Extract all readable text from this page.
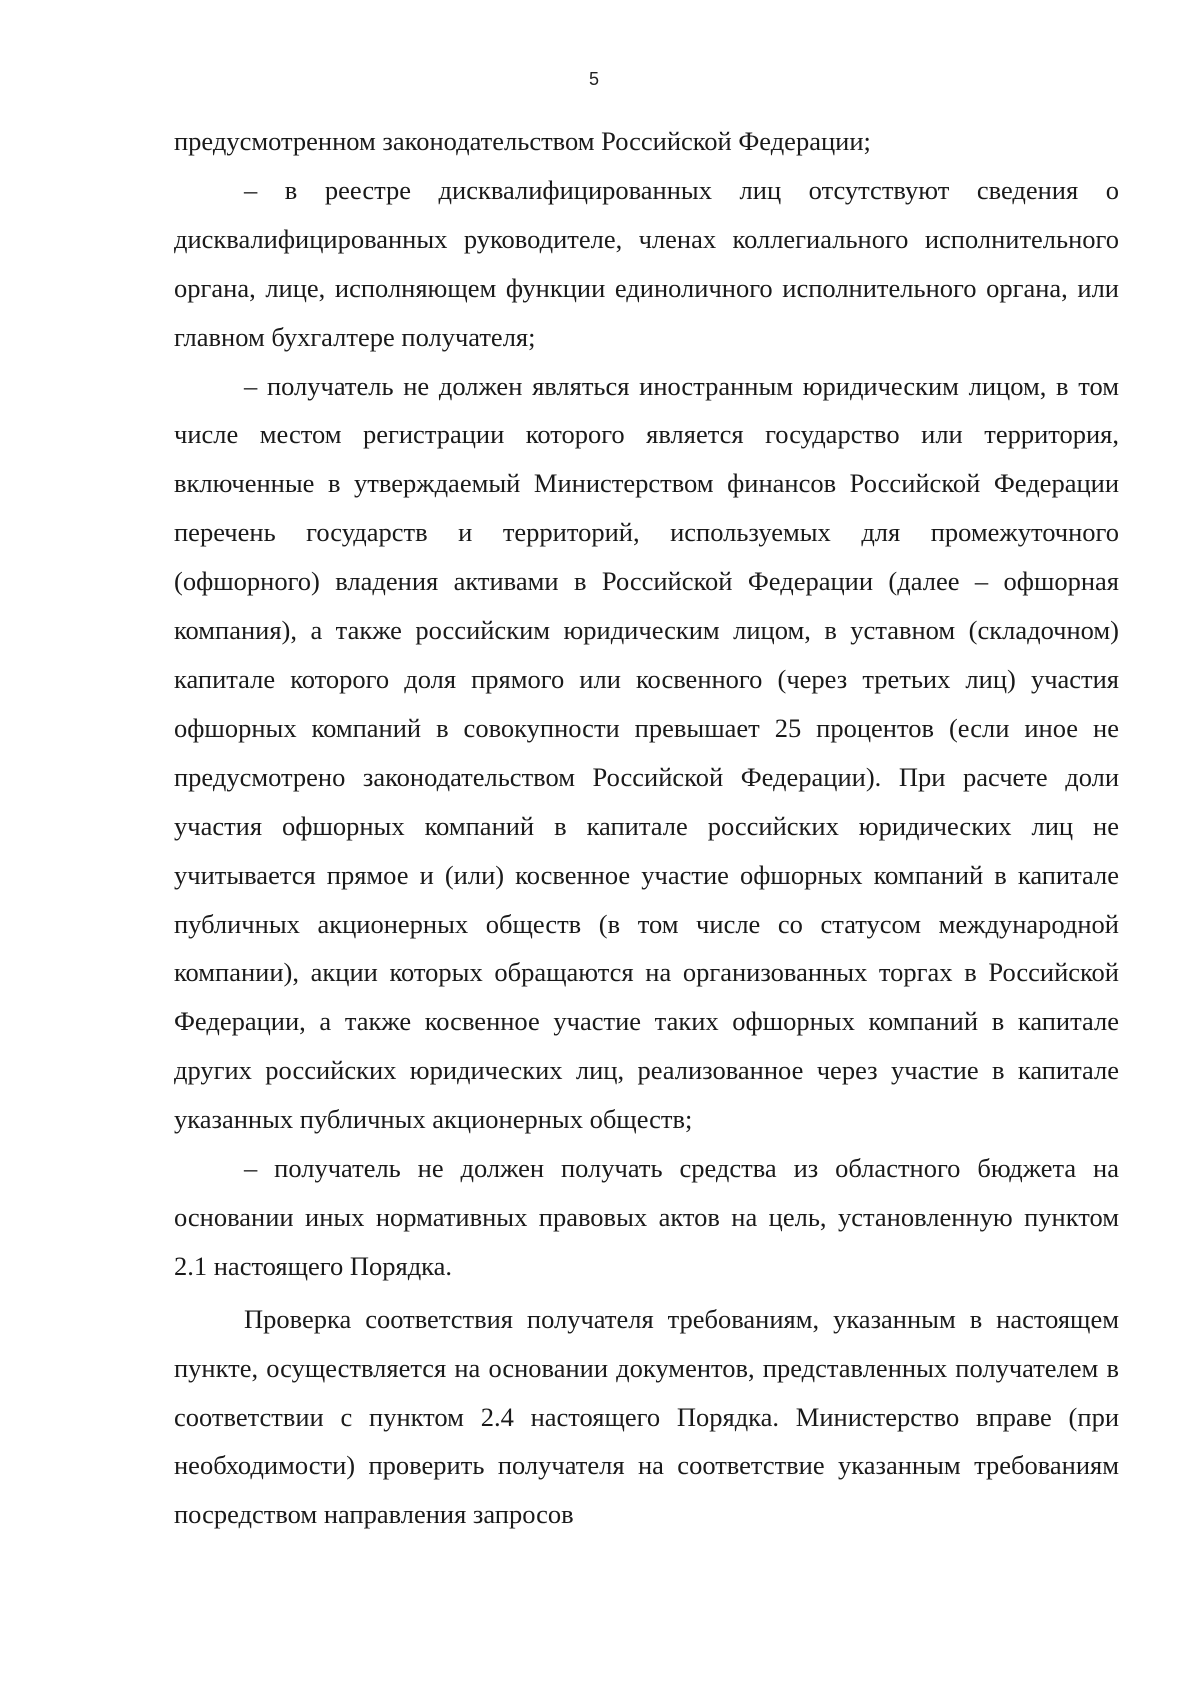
5

предусмотренном законодательством Российской Федерации;

– в реестре дисквалифицированных лиц отсутствуют сведения о дисквалифицированных руководителе, членах коллегиального исполнительного органа, лице, исполняющем функции единоличного исполнительного органа, или главном бухгалтере получателя;

– получатель не должен являться иностранным юридическим лицом, в том числе местом регистрации которого является государство или территория, включенные в утверждаемый Министерством финансов Российской Федерации перечень государств и территорий, используемых для промежуточного (офшорного) владения активами в Российской Федерации (далее – офшорная компания), а также российским юридическим лицом, в уставном (складочном) капитале которого доля прямого или косвенного (через третьих лиц) участия офшорных компаний в совокупности превышает 25 процентов (если иное не предусмотрено законодательством Российской Федерации). При расчете доли участия офшорных компаний в капитале российских юридических лиц не учитывается прямое и (или) косвенное участие офшорных компаний в капитале публичных акционерных обществ (в том числе со статусом международной компании), акции которых обращаются на организованных торгах в Российской Федерации, а также косвенное участие таких офшорных компаний в капитале других российских юридических лиц, реализованное через участие в капитале указанных публичных акционерных обществ;

– получатель не должен получать средства из областного бюджета на основании иных нормативных правовых актов на цель, установленную пунктом 2.1 настоящего Порядка.

Проверка соответствия получателя требованиям, указанным в настоящем пункте, осуществляется на основании документов, представленных получателем в соответствии с пунктом 2.4 настоящего Порядка. Министерство вправе (при необходимости) проверить получателя на соответствие указанным требованиям посредством направления запросов
